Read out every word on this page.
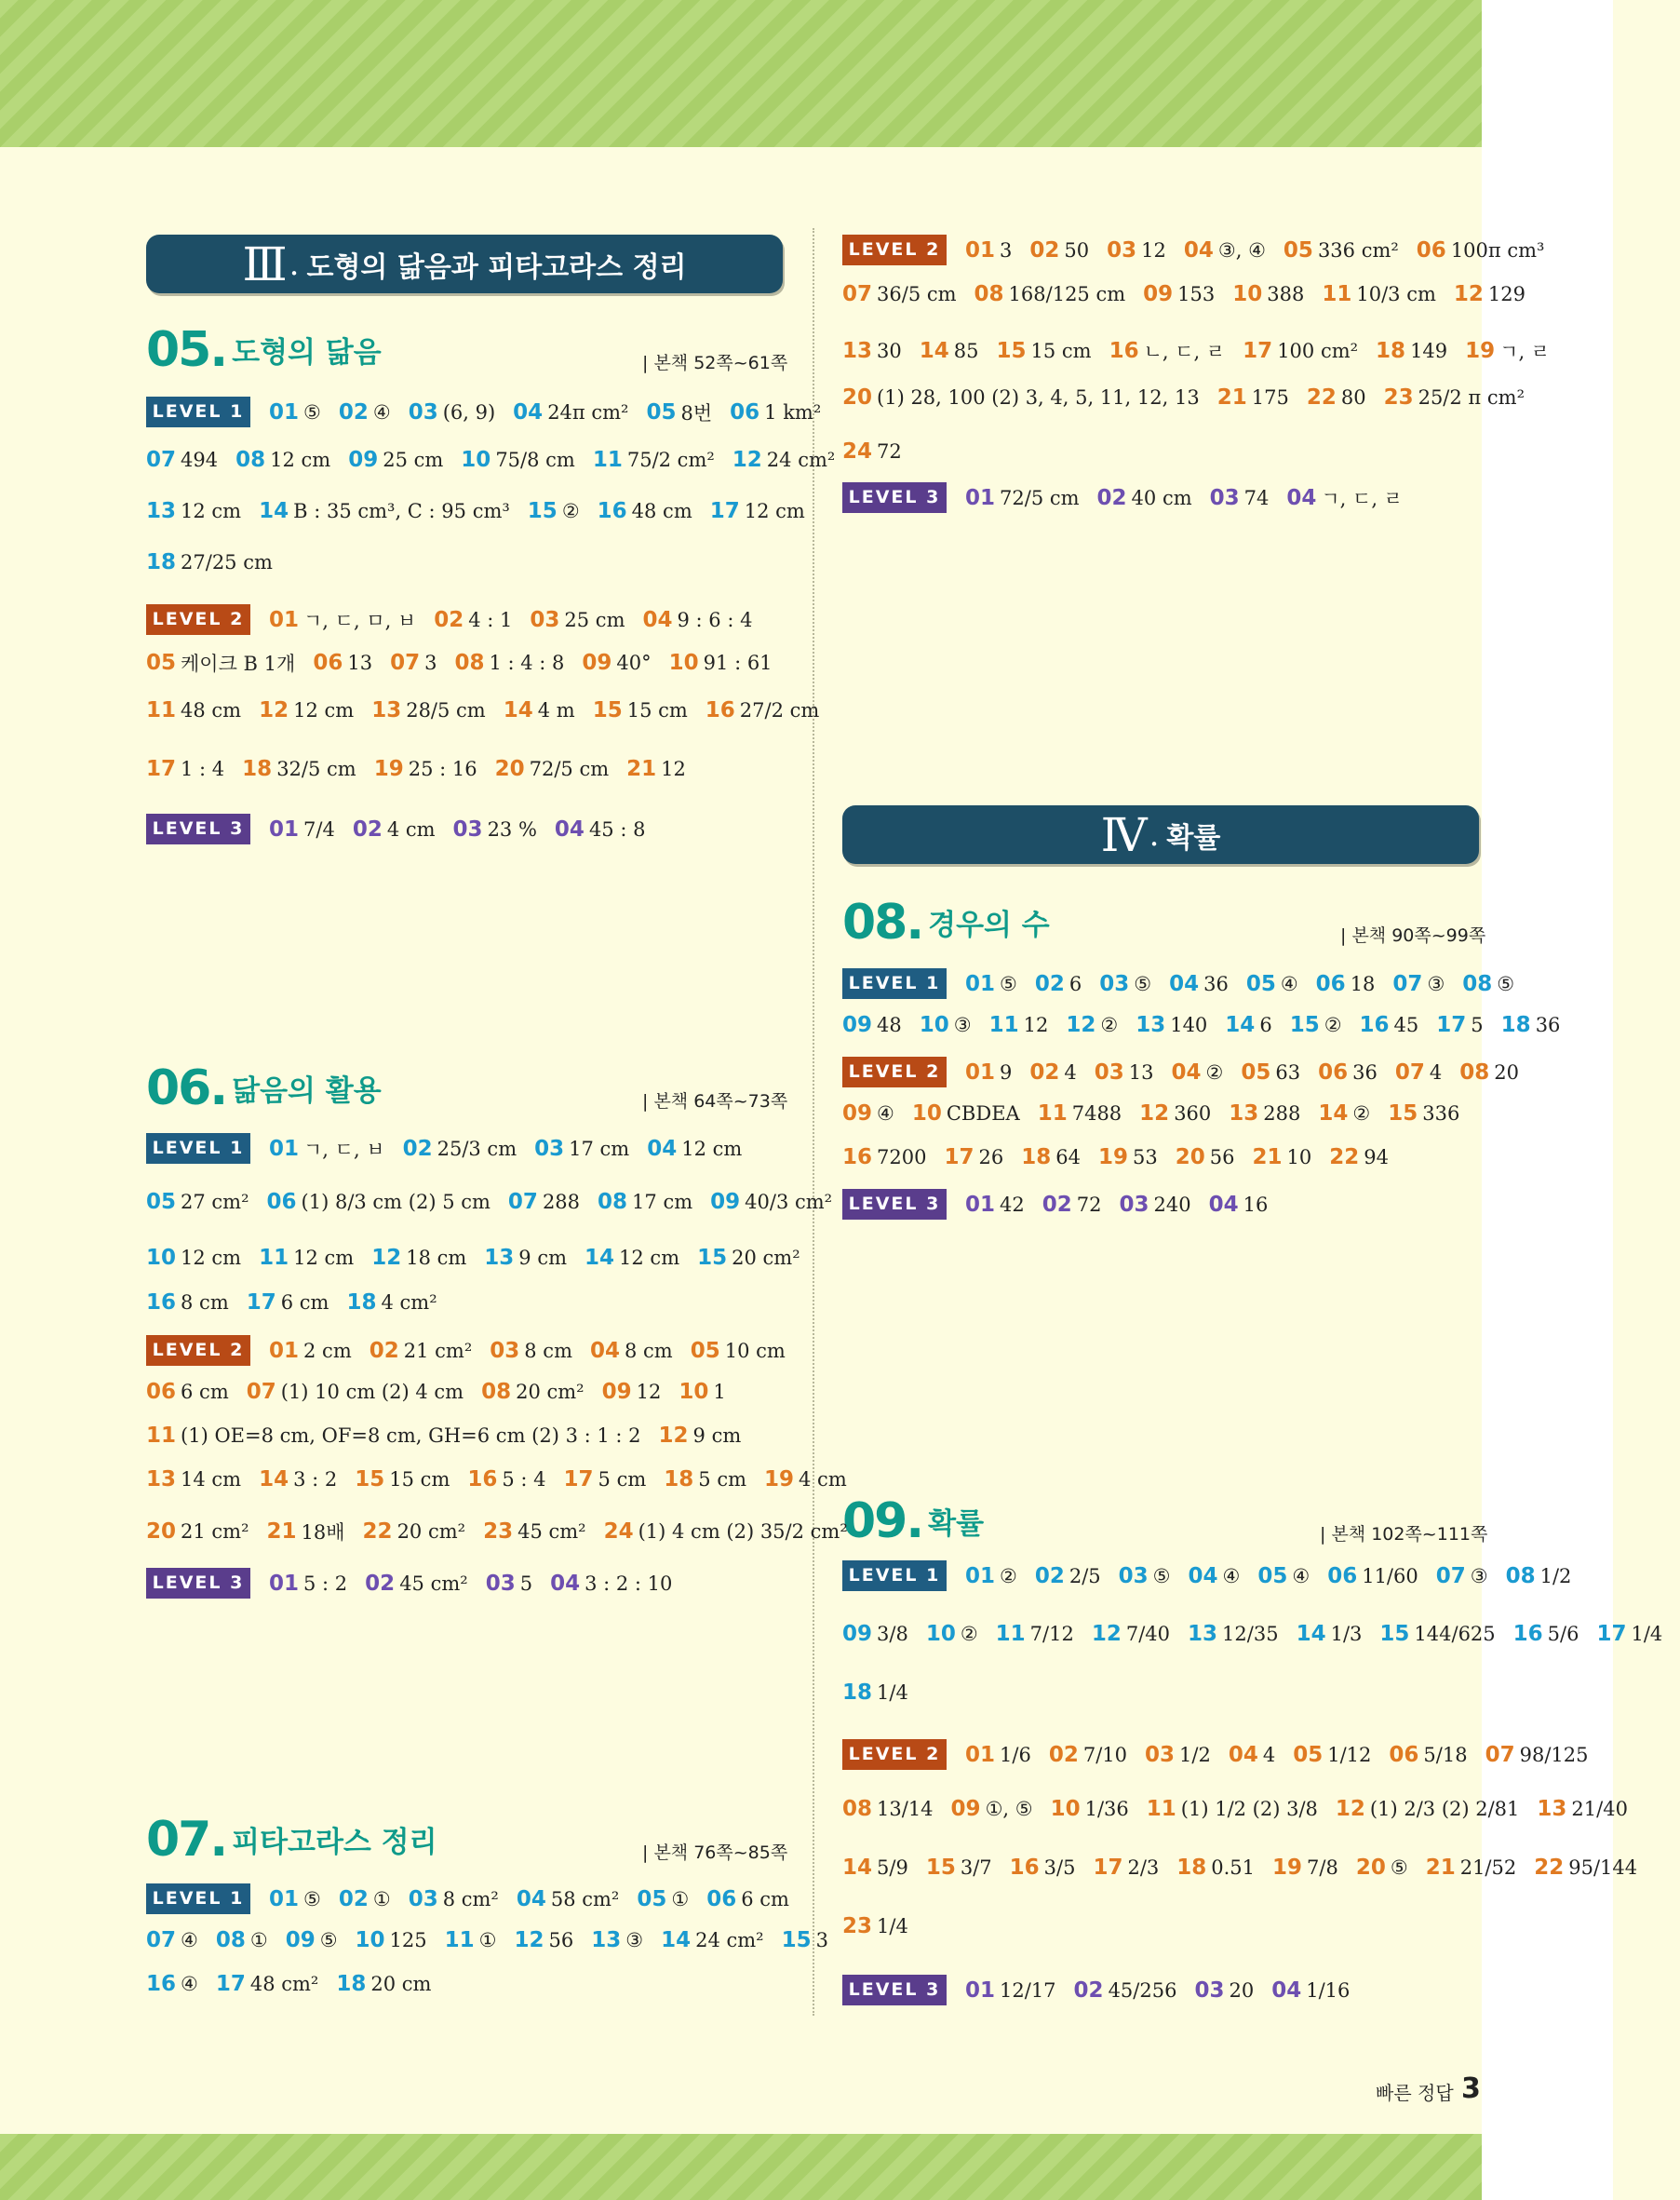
Ⅲ . 도형의 닮음과 피타고라스 정리
Ⅳ . 확률
05. 도형의 닮음	| 본책 52쪽~61쪽
06. 닮음의 활용	| 본책 64쪽~73쪽
07. 피타고라스 정리	| 본책 76쪽~85쪽
08. 경우의 수	| 본책 90쪽~99쪽
09. 확률	| 본책 102쪽~111쪽
LEVEL 1 01 ⑤ 02 ④ 03 (6, 9) 04 24π cm² 05 8번 06 1 km²
07 494 08 12 cm 09 25 cm 10 75/8 cm 11 75/2 cm² 12 24 cm²
13 12 cm 14 B : 35 cm³, C : 95 cm³ 15 ② 16 48 cm 17 12 cm
18 27/25 cm
LEVEL 2 01 ㄱ, ㄷ, ㅁ, ㅂ 02 4 : 1 03 25 cm 04 9 : 6 : 4
05 케이크 B 1개 06 13 07 3 08 1 : 4 : 8 09 40° 10 91 : 61
11 48 cm 12 12 cm 13 28/5 cm 14 4 m 15 15 cm 16 27/2 cm
17 1 : 4 18 32/5 cm 19 25 : 16 20 72/5 cm 21 12
LEVEL 3 01 7/4 02 4 cm 03 23 % 04 45 : 8
LEVEL 1 01 ㄱ, ㄷ, ㅂ 02 25/3 cm 03 17 cm 04 12 cm
05 27 cm² 06 (1) 8/3 cm (2) 5 cm 07 288 08 17 cm 09 40/3 cm²
10 12 cm 11 12 cm 12 18 cm 13 9 cm 14 12 cm 15 20 cm²
16 8 cm 17 6 cm 18 4 cm²
LEVEL 2 01 2 cm 02 21 cm² 03 8 cm 04 8 cm 05 10 cm
06 6 cm 07 (1) 10 cm (2) 4 cm 08 20 cm² 09 12 10 1
11 (1) OE=8 cm, OF=8 cm, GH=6 cm (2) 3 : 1 : 2 12 9 cm
13 14 cm 14 3 : 2 15 15 cm 16 5 : 4 17 5 cm 18 5 cm 19 4 cm
20 21 cm² 21 18배 22 20 cm² 23 45 cm² 24 (1) 4 cm (2) 35/2 cm²
LEVEL 3 01 5 : 2 02 45 cm² 03 5 04 3 : 2 : 10
LEVEL 1 01 ⑤ 02 ① 03 8 cm² 04 58 cm² 05 ① 06 6 cm
07 ④ 08 ① 09 ⑤ 10 125 11 ① 12 56 13 ③ 14 24 cm² 15 3
16 ④ 17 48 cm² 18 20 cm
LEVEL 2 01 3 02 50 03 12 04 ③, ④ 05 336 cm² 06 100π cm³
07 36/5 cm 08 168/125 cm 09 153 10 388 11 10/3 cm 12 129
13 30 14 85 15 15 cm 16 ㄴ, ㄷ, ㄹ 17 100 cm² 18 149 19 ㄱ, ㄹ
20 (1) 28, 100 (2) 3, 4, 5, 11, 12, 13 21 175 22 80 23 25/2 π cm²
24 72
LEVEL 3 01 72/5 cm 02 40 cm 03 74 04 ㄱ, ㄷ, ㄹ
LEVEL 1 01 ⑤ 02 6 03 ⑤ 04 36 05 ④ 06 18 07 ③ 08 ⑤
09 48 10 ③ 11 12 12 ② 13 140 14 6 15 ② 16 45 17 5 18 36
LEVEL 2 01 9 02 4 03 13 04 ② 05 63 06 36 07 4 08 20
09 ④ 10 CBDEA 11 7488 12 360 13 288 14 ② 15 336
16 7200 17 26 18 64 19 53 20 56 21 10 22 94
LEVEL 3 01 42 02 72 03 240 04 16
LEVEL 1 01 ② 02 2/5 03 ⑤ 04 ④ 05 ④ 06 11/60 07 ③ 08 1/2
09 3/8 10 ② 11 7/12 12 7/40 13 12/35 14 1/3 15 144/625 16 5/6 17 1/4
18 1/4
LEVEL 2 01 1/6 02 7/10 03 1/2 04 4 05 1/12 06 5/18 07 98/125
08 13/14 09 ①, ⑤ 10 1/36 11 (1) 1/2 (2) 3/8 12 (1) 2/3 (2) 2/81 13 21/40
14 5/9 15 3/7 16 3/5 17 2/3 18 0.51 19 7/8 20 ⑤ 21 21/52 22 95/144
23 1/4
LEVEL 3 01 12/17 02 45/256 03 20 04 1/16
빠른 정답 3
